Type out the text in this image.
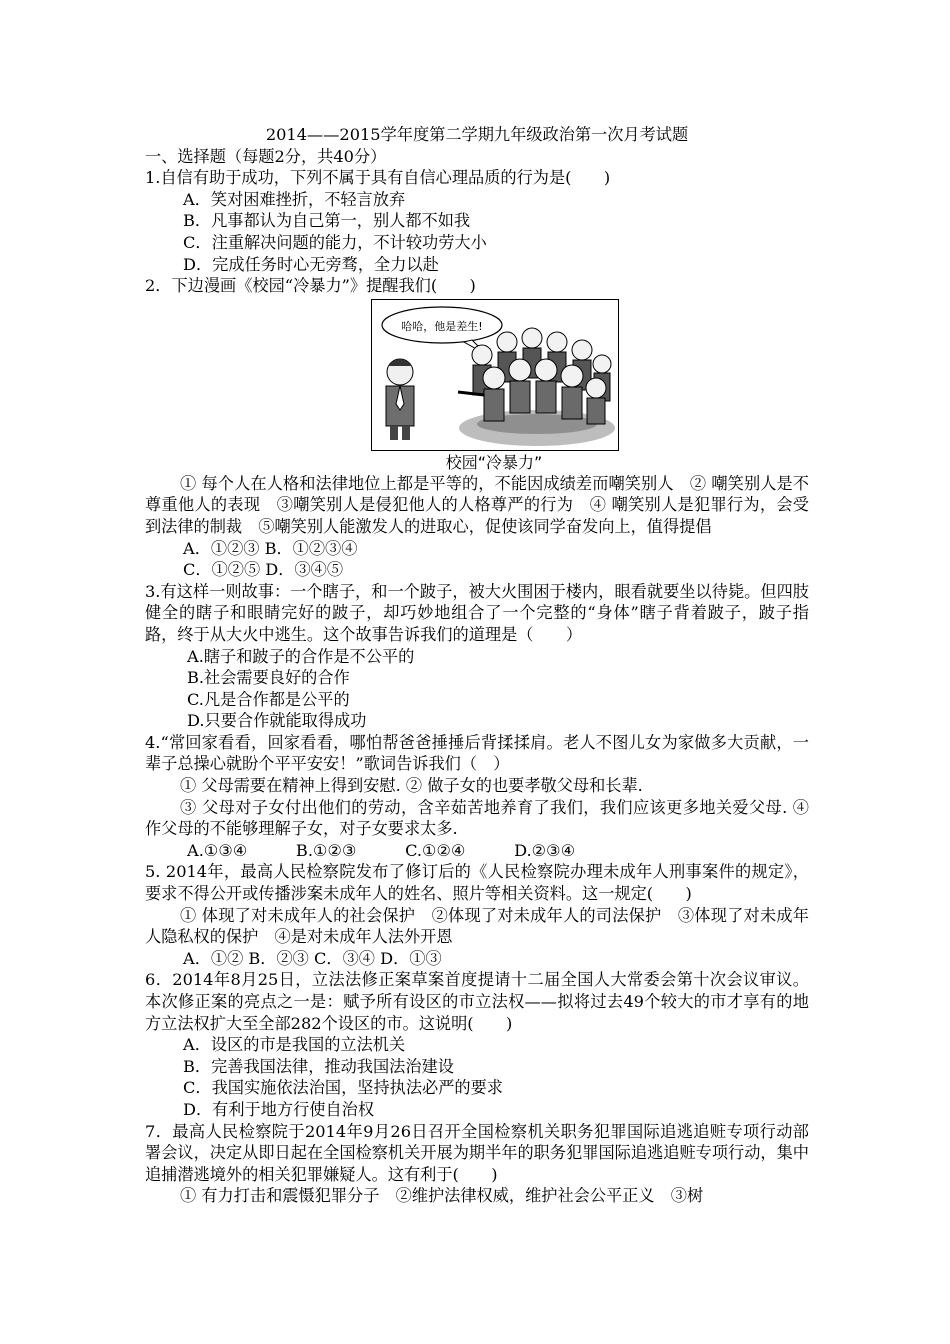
2014——2015学年度第二学期九年级政治第一次月考试题
一、选择题（每题2分，共40分）
1.自信有助于成功，下列不属于具有自信心理品质的行为是(　　)
A．笑对困难挫折，不轻言放弃
B．凡事都认为自己第一，别人都不如我
C．注重解决问题的能力，不计较功劳大小
D．完成任务时心无旁骛，全力以赴
2．下边漫画《校园“冷暴力”》提醒我们(　　)
哈哈，他是差生!
校园“冷暴力”
① 每个人在人格和法律地位上都是平等的，不能因成绩差而嘲笑别人　② 嘲笑别人是不尊重他人的表现　③嘲笑别人是侵犯他人的人格尊严的行为　④ 嘲笑别人是犯罪行为，会受到法律的制裁　⑤嘲笑别人能激发人的进取心，促使该同学奋发向上，值得提倡
A．①②③ B．①②③④
C．①②⑤ D．③④⑤
3.有这样一则故事：一个瞎子，和一个跛子，被大火围困于楼内，眼看就要坐以待毙。但四肢健全的瞎子和眼睛完好的跛子，却巧妙地组合了一个完整的“身体”瞎子背着跛子，跛子指路，终于从大火中逃生。这个故事告诉我们的道理是（　　）
A.瞎子和跛子的合作是不公平的
B.社会需要良好的合作
C.凡是合作都是公平的
D.只要合作就能取得成功
4.“常回家看看，回家看看，哪怕帮爸爸捶捶后背揉揉肩。老人不图儿女为家做多大贡献，一辈子总操心就盼个平平安安！”歌词告诉我们（　）
① 父母需要在精神上得到安慰. ② 做子女的也要孝敬父母和长辈.
③ 父母对子女付出他们的劳动，含辛茹苦地养育了我们，我们应该更多地关爱父母. ④ 作父母的不能够理解子女，对子女要求太多.
A.①③④　　　B.①②③　　　C.①②④　　　D.②③④
5. 2014年，最高人民检察院发布了修订后的《人民检察院办理未成年人刑事案件的规定》，要求不得公开或传播涉案未成年人的姓名、照片等相关资料。这一规定(　　)
① 体现了对未成年人的社会保护　②体现了对未成年人的司法保护　③体现了对未成年人隐私权的保护　④是对未成年人法外开恩
A．①② B．②③ C．③④ D．①③
6．2014年8月25日，立法法修正案草案首度提请十二届全国人大常委会第十次会议审议。本次修正案的亮点之一是：赋予所有设区的市立法权——拟将过去49个较大的市才享有的地方立法权扩大至全部282个设区的市。这说明(　　)
A．设区的市是我国的立法机关
B．完善我国法律，推动我国法治建设
C．我国实施依法治国，坚持执法必严的要求
D．有利于地方行使自治权
7．最高人民检察院于2014年9月26日召开全国检察机关职务犯罪国际追逃追赃专项行动部署会议，决定从即日起在全国检察机关开展为期半年的职务犯罪国际追逃追赃专项行动，集中追捕潜逃境外的相关犯罪嫌疑人。这有利于(　　)
① 有力打击和震慑犯罪分子　②维护法律权威，维护社会公平正义　③树
